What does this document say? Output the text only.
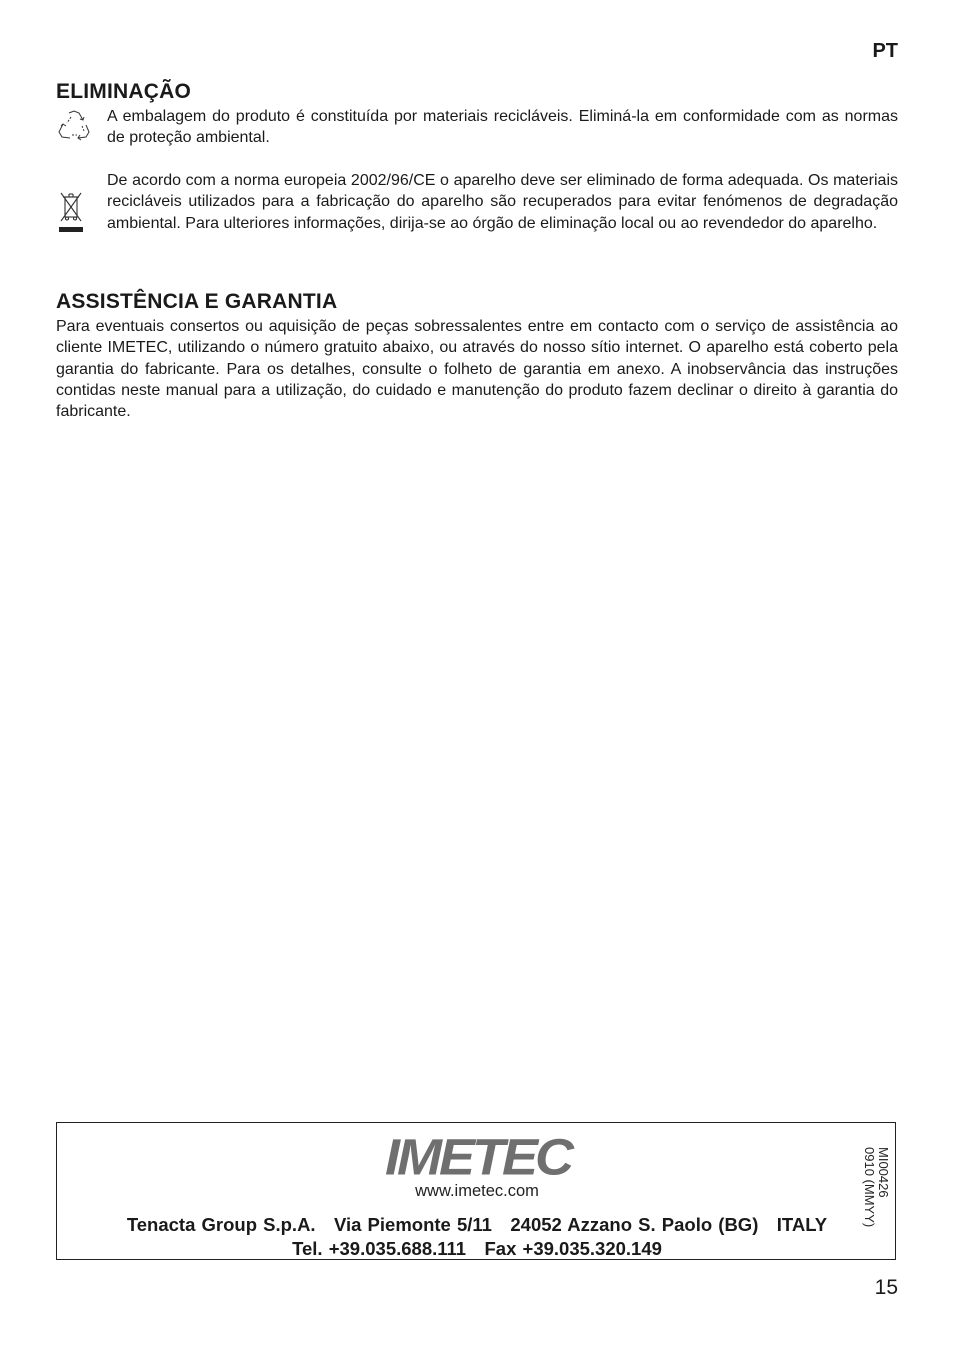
PT
ELIMINAÇÃO

A embalagem do produto é constituída por materiais recicláveis. Eliminá-la em conformidade com as normas de proteção ambiental.

De acordo com a norma europeia 2002/96/CE o aparelho deve ser eliminado de forma adequada. Os materiais recicláveis utilizados para a fabricação do aparelho são recuperados para evitar fenómenos de degradação ambiental. Para ulteriores informações, dirija-se ao órgão de eliminação local ou ao revendedor do aparelho.

ASSISTÊNCIA E GARANTIA

Para eventuais consertos ou aquisição de peças sobressalentes entre em contacto com o serviço de assistência ao cliente IMETEC, utilizando o número gratuito abaixo, ou através do nosso sítio internet. O aparelho está coberto pela garantia do fabricante. Para os detalhes, consulte o folheto de garantia em anexo. A inobservância das instruções contidas neste manual para a utilização, do cuidado e manutenção do produto fazem declinar o direito à garantia do fabricante.

IMETEC
www.imetec.com
Tenacta Group S.p.A.   Via Piemonte 5/11   24052 Azzano S. Paolo (BG)   ITALY
Tel. +39.035.688.111   Fax +39.035.320.149
MI00426
0910 (MMYY)
15
